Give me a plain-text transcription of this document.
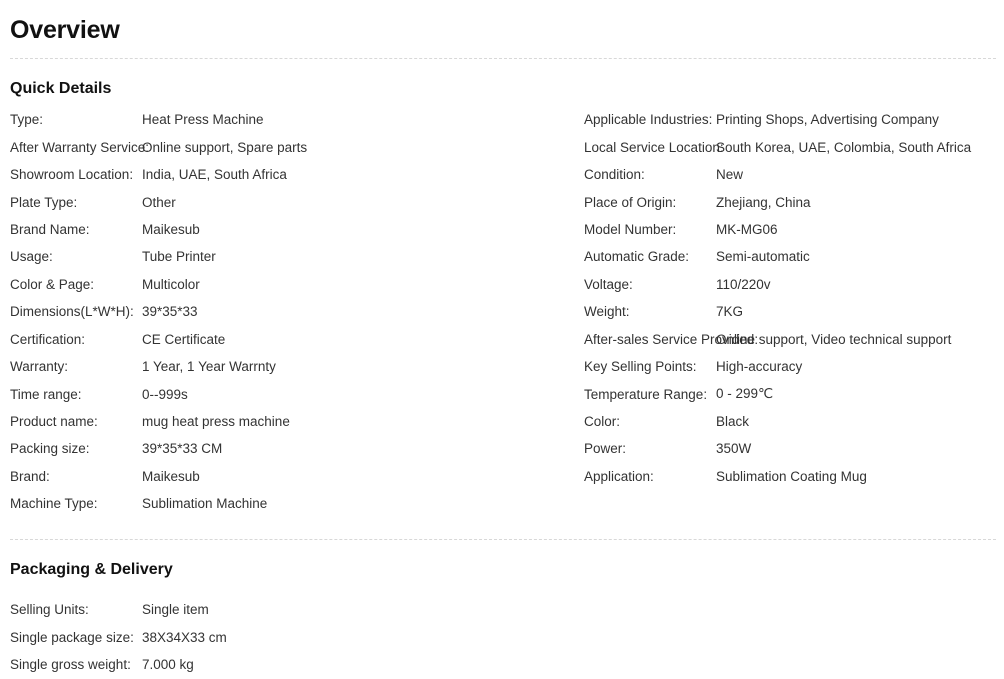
Overview
Quick Details
Type:	Heat Press Machine
After Warranty Service:
Online support, Spare parts
Showroom Location: India, UAE, South Africa
Plate Type:	Other
Brand Name:	Maikesub
Usage:	Tube Printer
Color & Page:	Multicolor
Dimensions(L*W*H): 39*35*33
Certification:	CE Certificate
Warranty:	1 Year, 1 Year Warrnty
Time range:	0--999s
Product name:	mug heat press machine
Packing size:	39*35*33 CM
Brand:	Maikesub
Machine Type:	Sublimation Machine
Applicable Industries: Printing Shops, Advertising Company
Local Service Location:
South Korea, UAE, Colombia, South Africa
Condition:	New
Place of Origin:	Zhejiang, China
Model Number:	MK-MG06
Automatic Grade:	Semi-automatic
Voltage:	110/220v
Weight:	7KG
After-sales Service Provided:
Online support, Video technical support
Key Selling Points:	High-accuracy
Temperature Range: 0 - 299℃
Color:	Black
Power:	350W
Application:	Sublimation Coating Mug
Packaging & Delivery
Selling Units:	Single item
Single package size: 38X34X33 cm
Single gross weight: 7.000 kg
